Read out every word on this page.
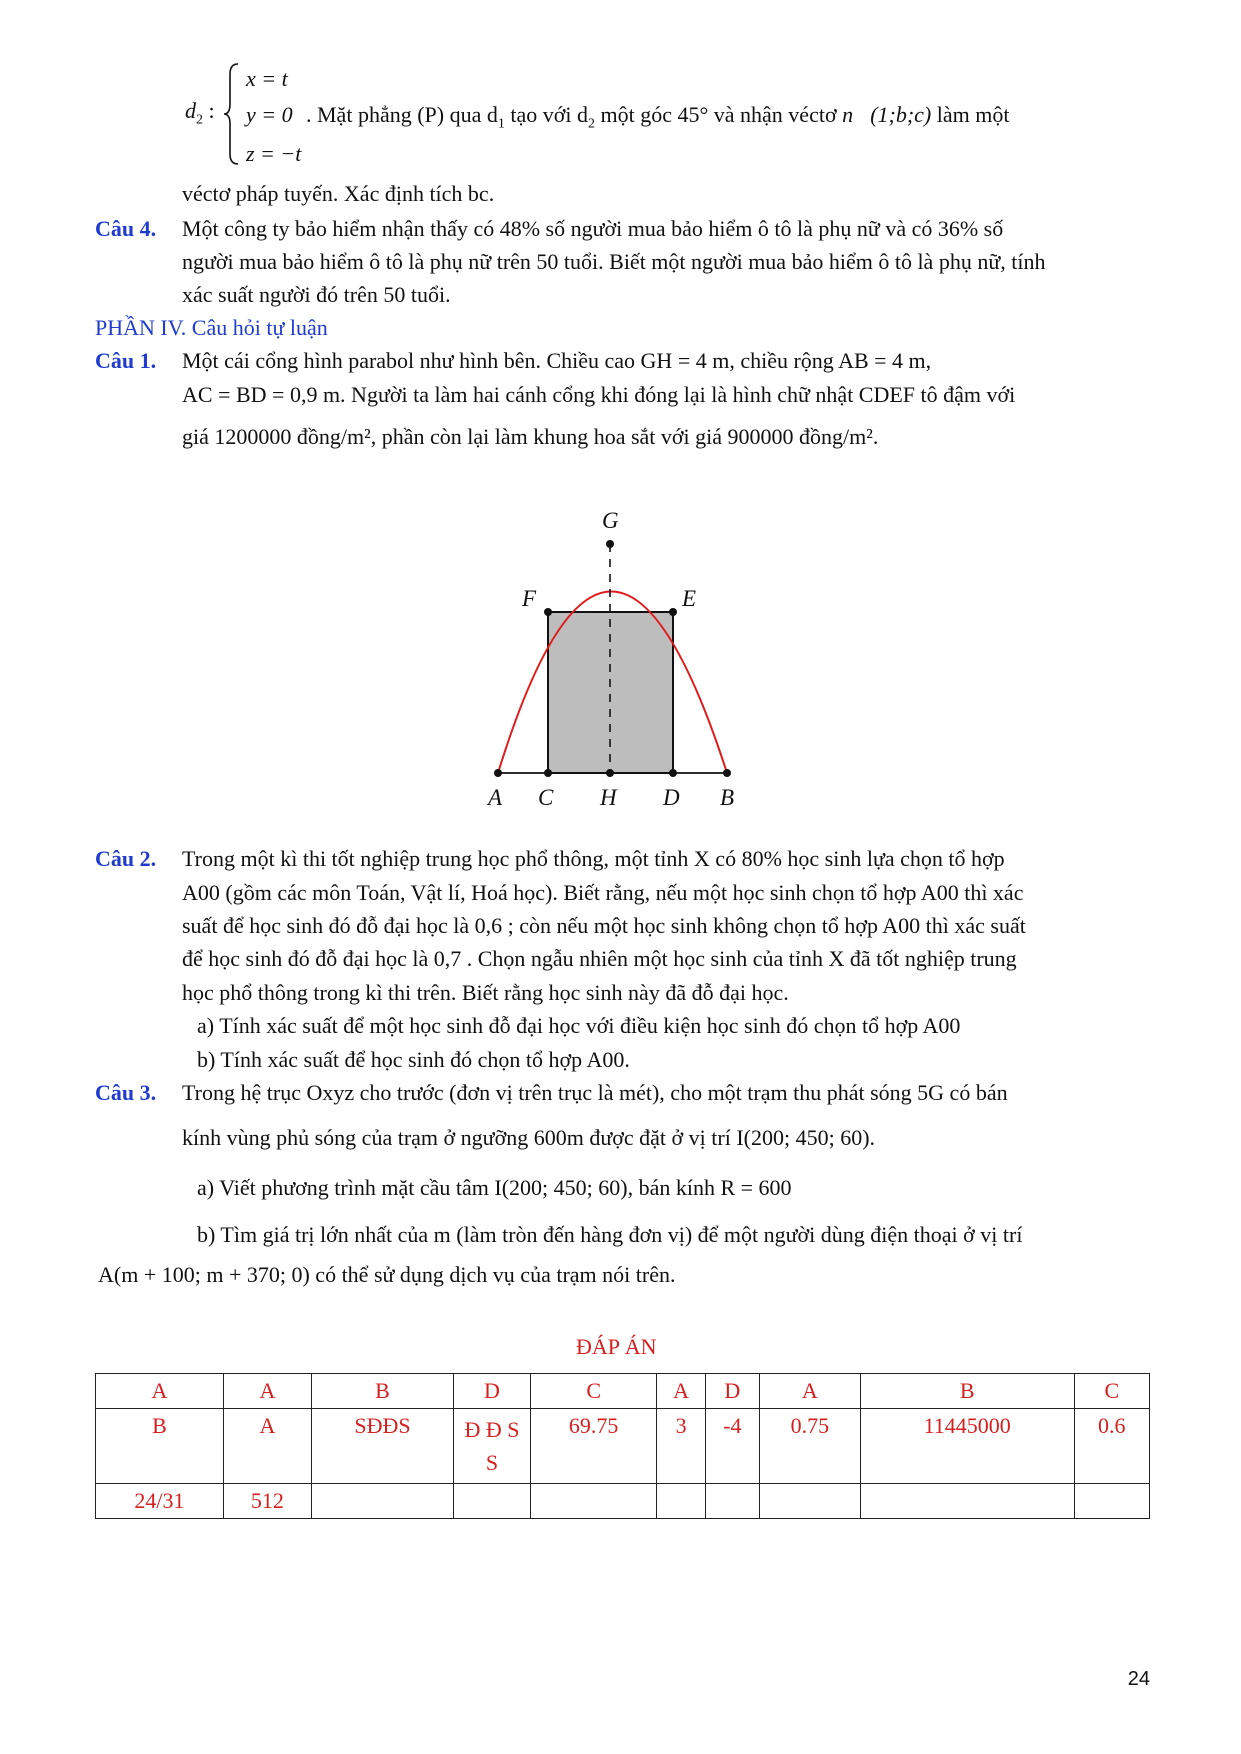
$d_2$ :
x = t
y = 0
z = −t
. Mặt phẳng (P) qua $d_1$ tạo với $d_2$ một góc 45° và nhận véctơ n⃗(1;b;c) làm một
véctơ pháp tuyến. Xác định tích bc.
Câu 4. Một công ty bảo hiểm nhận thấy có 48% số người mua bảo hiểm ô tô là phụ nữ và có 36% số
người mua bảo hiểm ô tô là phụ nữ trên 50 tuổi. Biết một người mua bảo hiểm ô tô là phụ nữ, tính
xác suất người đó trên 50 tuổi.
PHẦN IV. Câu hỏi tự luận
Câu 1. Một cái cổng hình parabol như hình bên. Chiều cao GH = 4 m, chiều rộng AB = 4 m,
AC = BD = 0,9 m. Người ta làm hai cánh cổng khi đóng lại là hình chữ nhật CDEF tô đậm với
giá 1200000 đồng/m², phần còn lại làm khung hoa sắt với giá 900000 đồng/m².
G
F	E
A C H D B
Câu 2. Trong một kì thi tốt nghiệp trung học phổ thông, một tỉnh X có 80% học sinh lựa chọn tổ hợp
A00 (gồm các môn Toán, Vật lí, Hoá học). Biết rằng, nếu một học sinh chọn tổ hợp A00 thì xác
suất để học sinh đó đỗ đại học là 0,6 ; còn nếu một học sinh không chọn tổ hợp A00 thì xác suất
để học sinh đó đỗ đại học là 0,7 . Chọn ngẫu nhiên một học sinh của tỉnh X đã tốt nghiệp trung
học phổ thông trong kì thi trên. Biết rằng học sinh này đã đỗ đại học.
a) Tính xác suất để một học sinh đỗ đại học với điều kiện học sinh đó chọn tổ hợp A00
b) Tính xác suất để học sinh đó chọn tổ hợp A00.
Câu 3. Trong hệ trục Oxyz cho trước (đơn vị trên trục là mét), cho một trạm thu phát sóng 5G có bán
kính vùng phủ sóng của trạm ở ngưỡng 600m được đặt ở vị trí I(200; 450; 60).
a) Viết phương trình mặt cầu tâm I(200; 450; 60), bán kính R = 600
b) Tìm giá trị lớn nhất của m (làm tròn đến hàng đơn vị) để một người dùng điện thoại ở vị trí
A(m + 100; m + 370; 0) có thể sử dụng dịch vụ của trạm nói trên.
ĐÁP ÁN
A	A	B	D	C	A	D	A	B	C
B	A	SĐĐS	Đ Đ S S	69.75	3	-4	0.75	11445000	0.6
24/31	512								
24
